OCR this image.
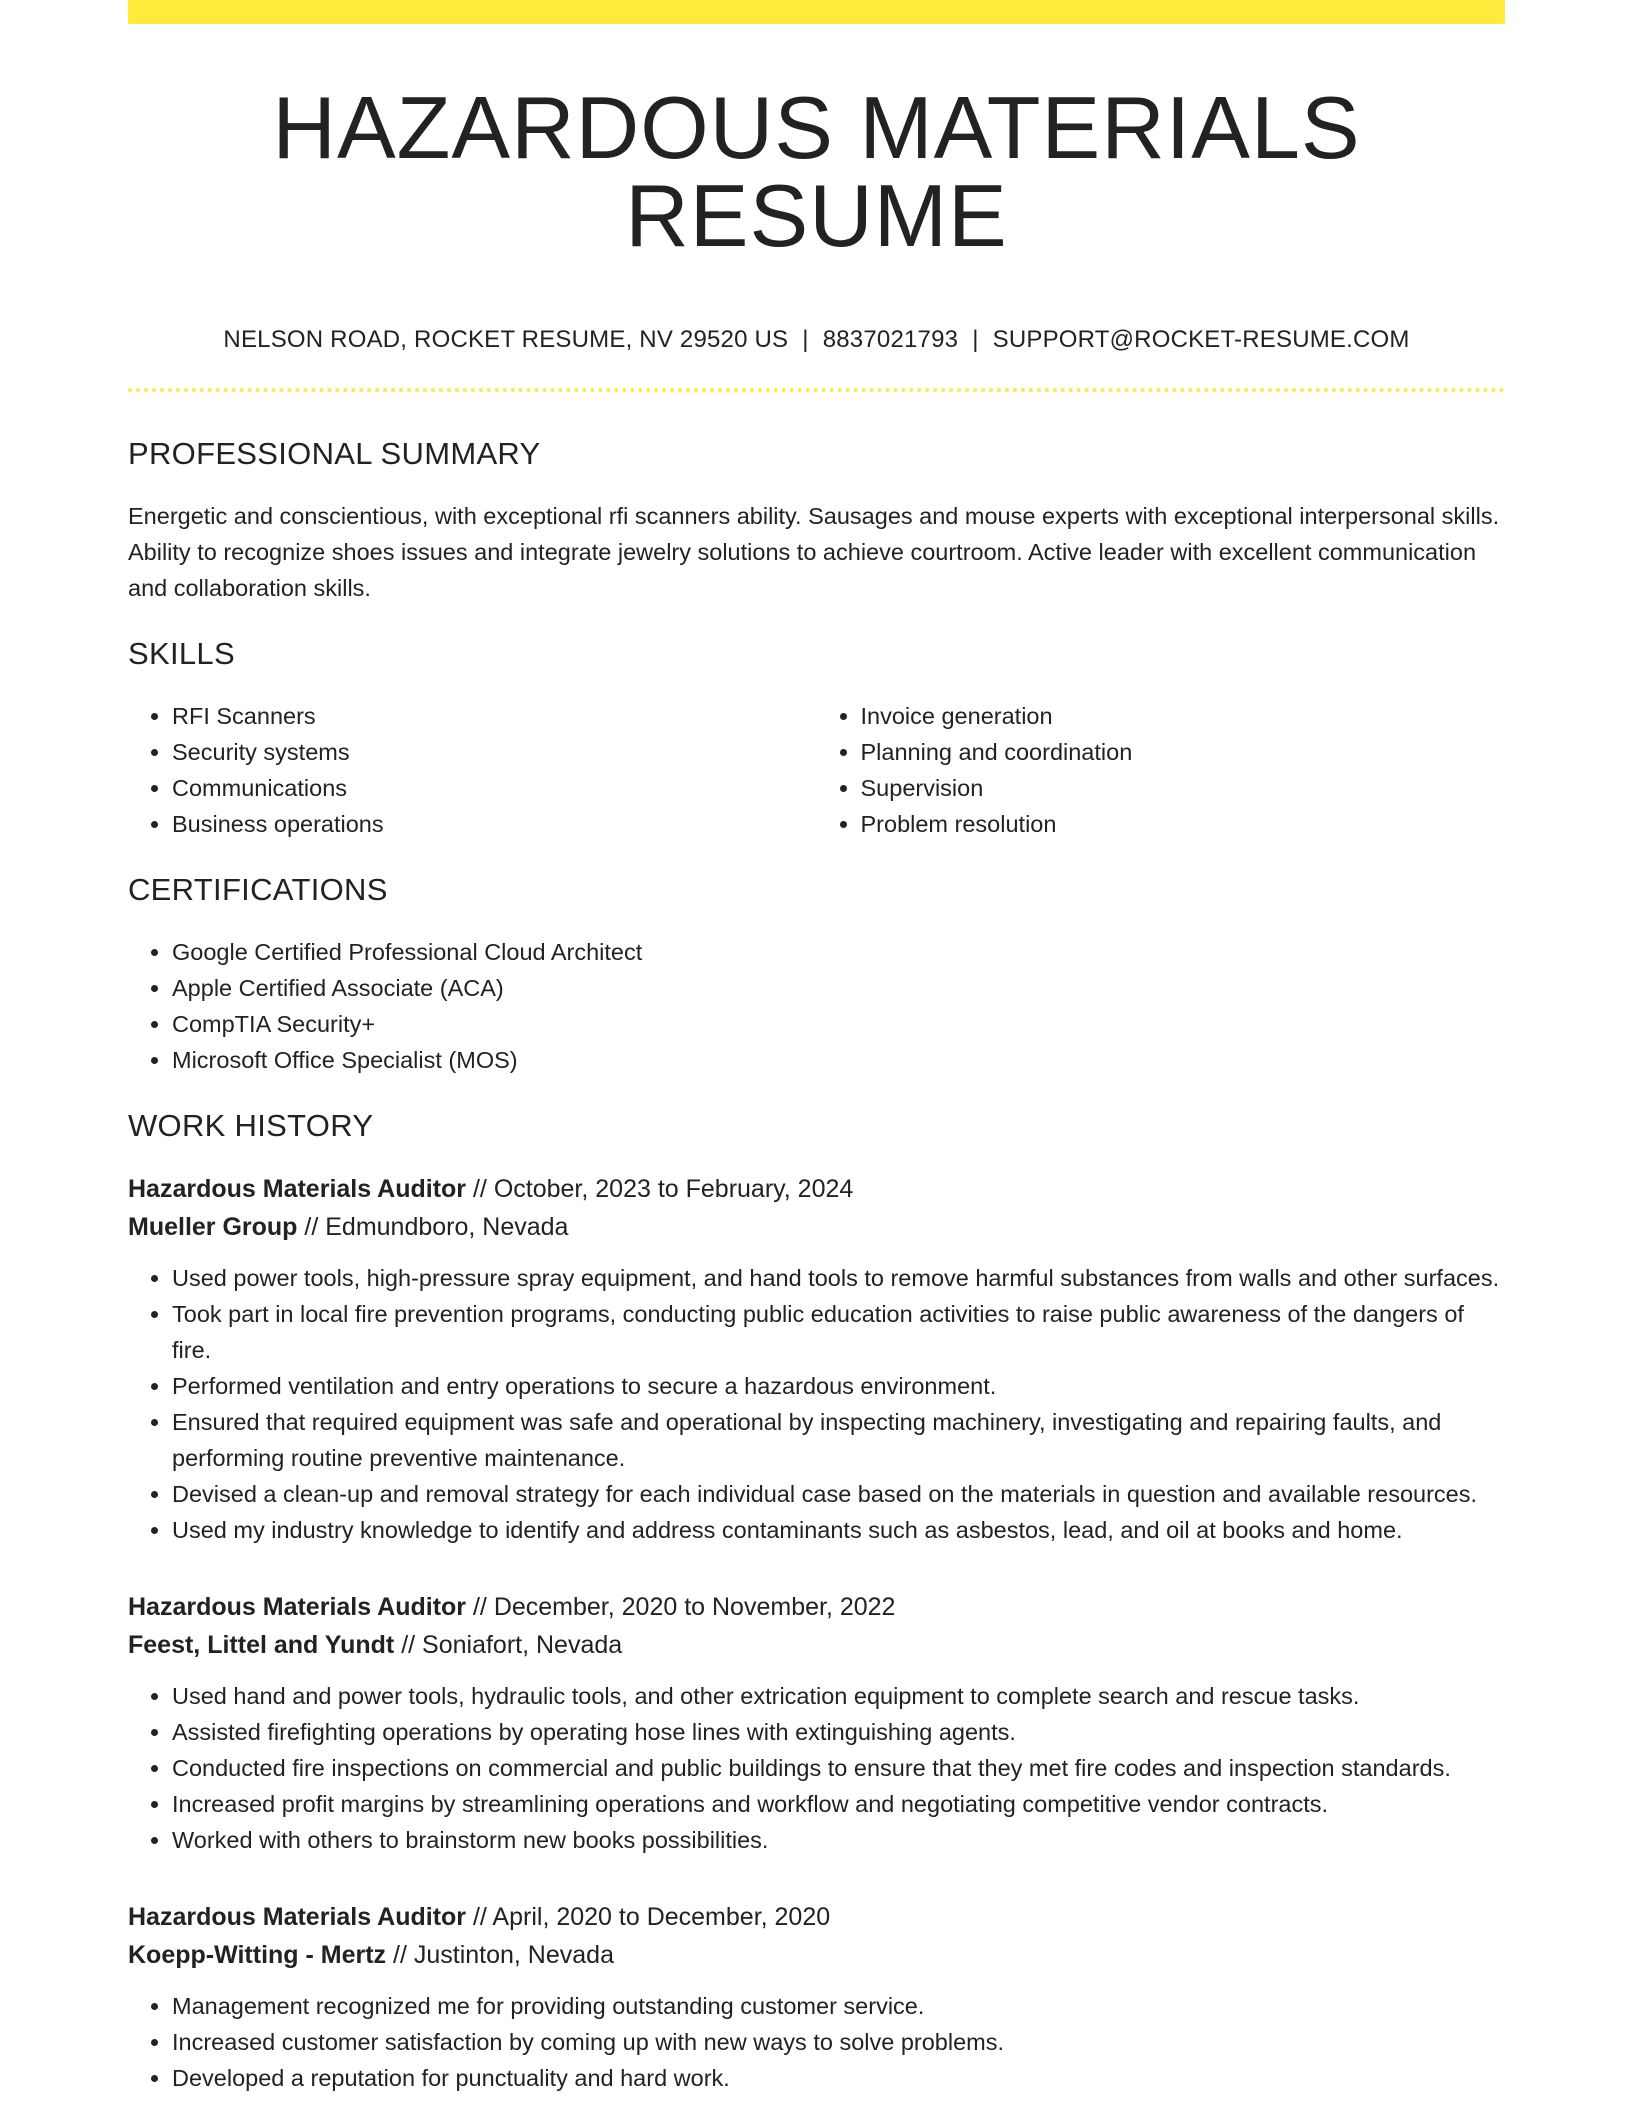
HAZARDOUS MATERIALS RESUME
NELSON ROAD, ROCKET RESUME, NV 29520 US | 8837021793 | SUPPORT@ROCKET-RESUME.COM
PROFESSIONAL SUMMARY

Energetic and conscientious, with exceptional rfi scanners ability. Sausages and mouse experts with exceptional interpersonal skills. Ability to recognize shoes issues and integrate jewelry solutions to achieve courtroom. Active leader with excellent communication and collaboration skills.

SKILLS
• RFI Scanners
• Security systems
• Communications
• Business operations
• Invoice generation
• Planning and coordination
• Supervision
• Problem resolution
CERTIFICATIONS
• Google Certified Professional Cloud Architect
• Apple Certified Associate (ACA)
• CompTIA Security+
• Microsoft Office Specialist (MOS)
WORK HISTORY
Hazardous Materials Auditor // October, 2023 to February, 2024
Mueller Group // Edmundboro, Nevada
• Used power tools, high-pressure spray equipment, and hand tools to remove harmful substances from walls and other surfaces.
• Took part in local fire prevention programs, conducting public education activities to raise public awareness of the dangers of fire.
• Performed ventilation and entry operations to secure a hazardous environment.
• Ensured that required equipment was safe and operational by inspecting machinery, investigating and repairing faults, and performing routine preventive maintenance.
• Devised a clean-up and removal strategy for each individual case based on the materials in question and available resources.
• Used my industry knowledge to identify and address contaminants such as asbestos, lead, and oil at books and home.
Hazardous Materials Auditor // December, 2020 to November, 2022
Feest, Littel and Yundt // Soniafort, Nevada
• Used hand and power tools, hydraulic tools, and other extrication equipment to complete search and rescue tasks.
• Assisted firefighting operations by operating hose lines with extinguishing agents.
• Conducted fire inspections on commercial and public buildings to ensure that they met fire codes and inspection standards.
• Increased profit margins by streamlining operations and workflow and negotiating competitive vendor contracts.
• Worked with others to brainstorm new books possibilities.
Hazardous Materials Auditor // April, 2020 to December, 2020
Koepp-Witting - Mertz // Justinton, Nevada
• Management recognized me for providing outstanding customer service.
• Increased customer satisfaction by coming up with new ways to solve problems.
• Developed a reputation for punctuality and hard work.
